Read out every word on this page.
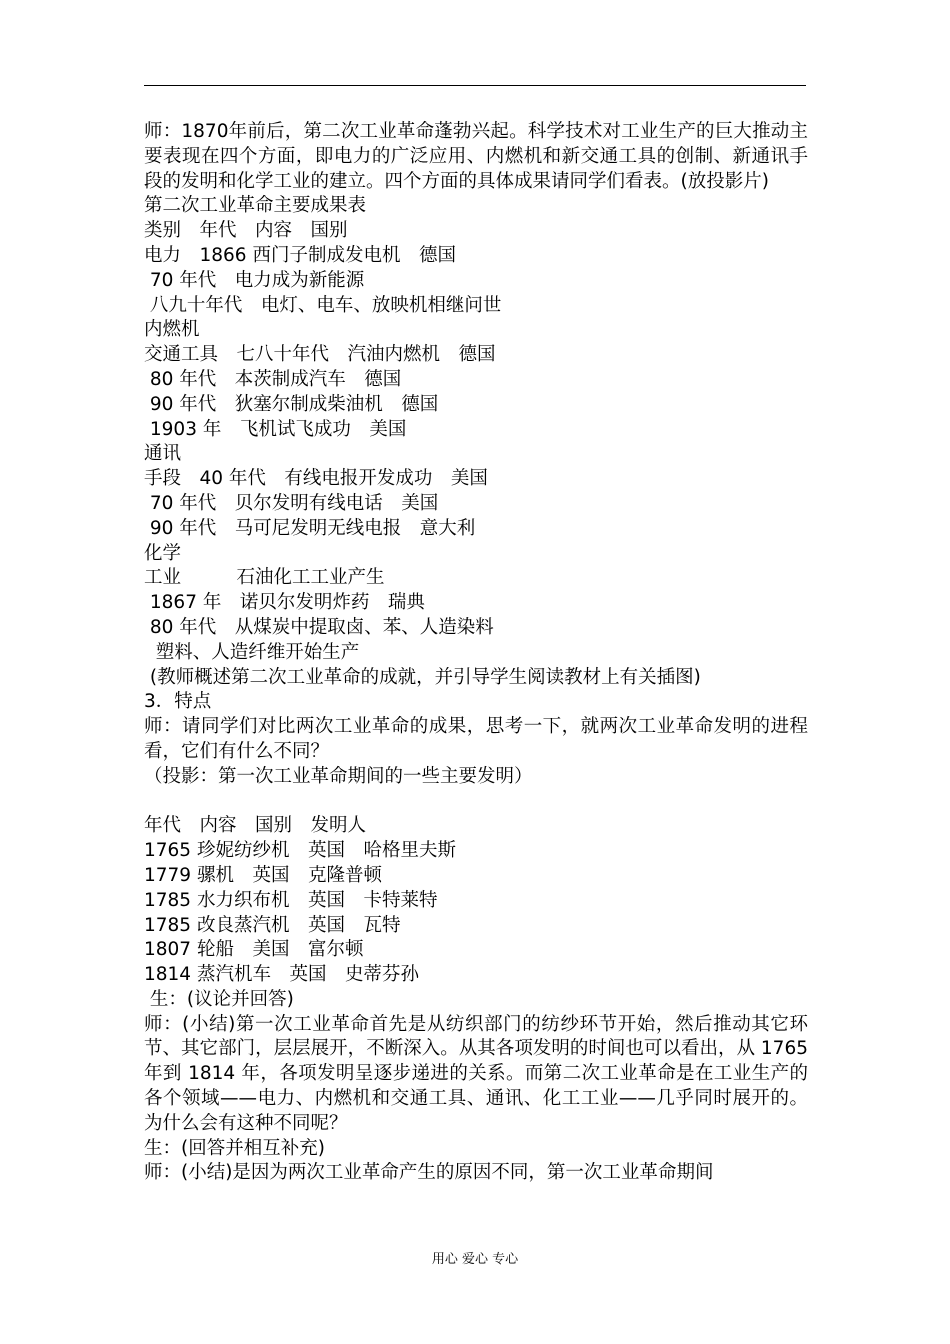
师：1870年前后，第二次工业革命蓬勃兴起。科学技术对工业生产的巨大推动主要表现在四个方面，即电力的广泛应用、内燃机和新交通工具的创制、新通讯手段的发明和化学工业的建立。四个方面的具体成果请同学们看表。(放投影片)
第二次工业革命主要成果表
类别　年代　内容　国别
电力　1866 西门子制成发电机　德国
70 年代　电力成为新能源
八九十年代　电灯、电车、放映机相继问世
内燃机
交通工具　七八十年代　汽油内燃机　德国
80 年代　本茨制成汽车　德国
90 年代　狄塞尔制成柴油机　德国
1903 年　飞机试飞成功　美国
通讯
手段　40 年代　有线电报开发成功　美国
70 年代　贝尔发明有线电话　美国
90 年代　马可尼发明无线电报　意大利
化学
工业　　　石油化工工业产生
1867 年　诺贝尔发明炸药　瑞典
80 年代　从煤炭中提取卤、苯、人造染料
塑料、人造纤维开始生产
(教师概述第二次工业革命的成就，并引导学生阅读教材上有关插图)
3．特点
师：请同学们对比两次工业革命的成果，思考一下，就两次工业革命发明的进程看，它们有什么不同？
（投影：第一次工业革命期间的一些主要发明）
年代　内容　国别　发明人
1765 珍妮纺纱机　英国　哈格里夫斯
1779 骡机　英国　克隆普顿
1785 水力织布机　英国　卡特莱特
1785 改良蒸汽机　英国　瓦特
1807 轮船　美国　富尔顿
1814 蒸汽机车　英国　史蒂芬孙
生：(议论并回答)
师：(小结)第一次工业革命首先是从纺织部门的纺纱环节开始，然后推动其它环节、其它部门，层层展开，不断深入。从其各项发明的时间也可以看出，从 1765 年到 1814 年，各项发明呈逐步递进的关系。而第二次工业革命是在工业生产的各个领域——电力、内燃机和交通工具、通讯、化工工业——几乎同时展开的。为什么会有这种不同呢？
生：(回答并相互补充)
师：(小结)是因为两次工业革命产生的原因不同，第一次工业革命期间
用心 爱心 专心
